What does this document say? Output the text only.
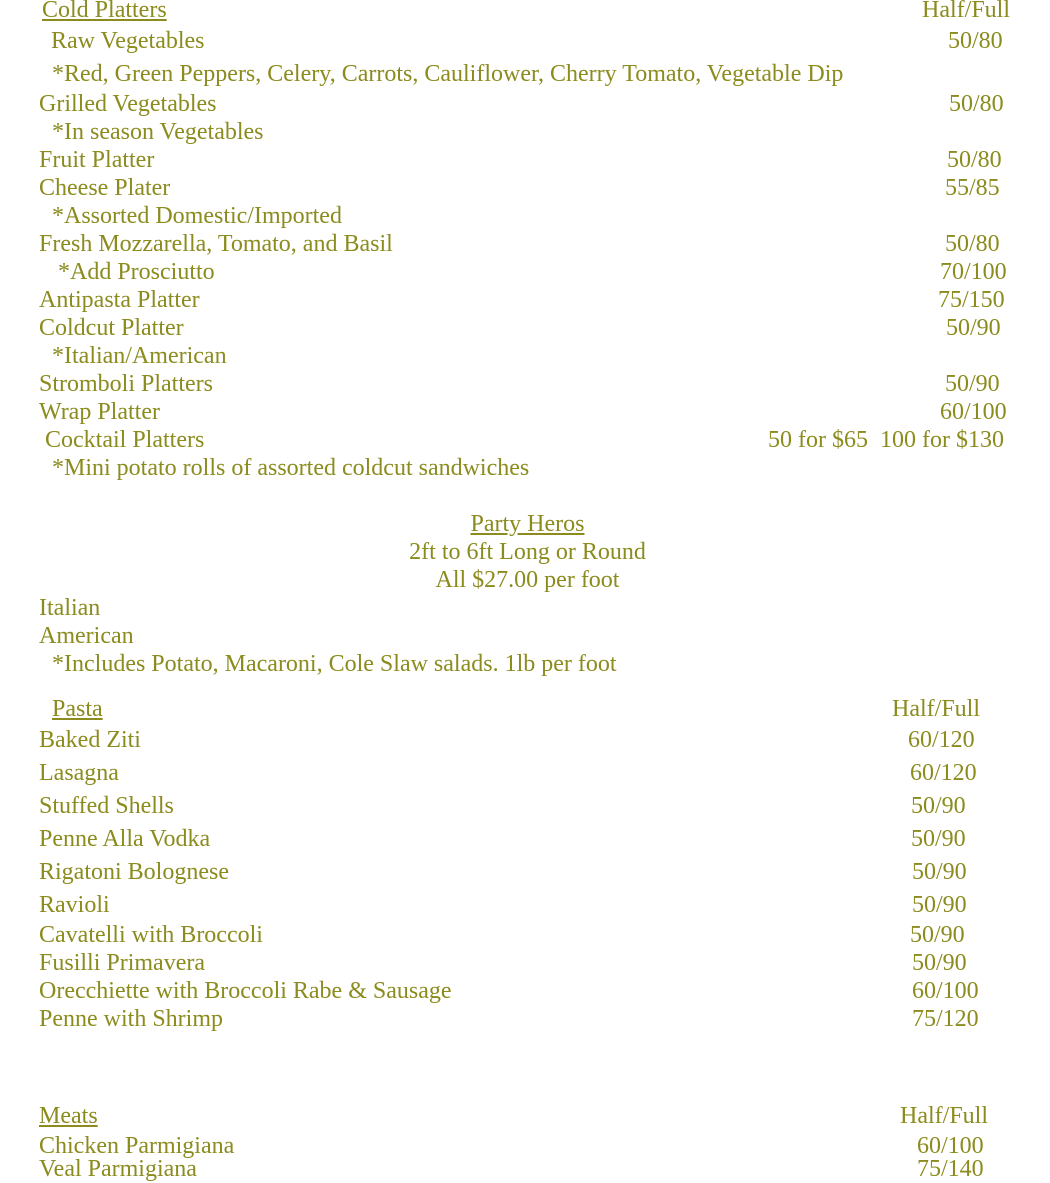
Cold Platters	Half/Full
Raw Vegetables	50/80
*Red, Green Peppers, Celery, Carrots, Cauliflower, Cherry Tomato, Vegetable Dip
Grilled Vegetables	50/80
*In season Vegetables
Fruit Platter	50/80
Cheese Plater	55/85
*Assorted Domestic/Imported
Fresh Mozzarella, Tomato, and Basil	50/80
*Add Prosciutto	70/100
Antipasta Platter	75/150
Coldcut Platter	50/90
*Italian/American
Stromboli Platters	50/90
Wrap Platter	60/100
Cocktail Platters	50 for $65  100 for $130
*Mini potato rolls of assorted coldcut sandwiches
Party Heros
2ft to 6ft Long or Round
All $27.00 per foot
Italian
American
*Includes Potato, Macaroni, Cole Slaw salads. 1lb per foot
Pasta	Half/Full
Baked Ziti	60/120
Lasagna	60/120
Stuffed Shells	50/90
Penne Alla Vodka	50/90
Rigatoni Bolognese	50/90
Ravioli	50/90
Cavatelli with Broccoli	50/90
Fusilli Primavera	50/90
Orecchiette with Broccoli Rabe & Sausage	60/100
Penne with Shrimp	75/120
Meats	Half/Full
Chicken Parmigiana	60/100
Veal Parmigiana	75/140
